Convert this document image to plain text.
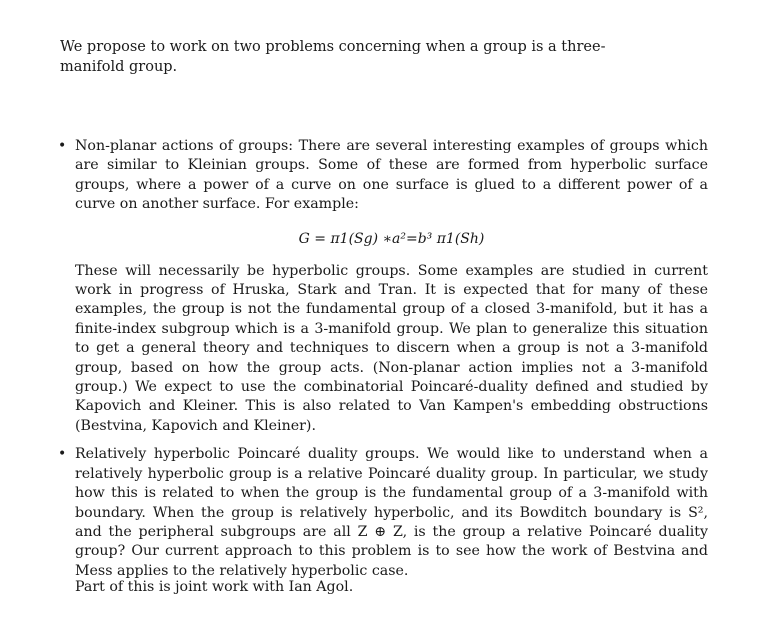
We propose to work on two problems concerning when a group is a three-manifold group.

• Non-planar actions of groups: There are several interesting examples of groups which are similar to Kleinian groups. Some of these are formed from hyperbolic surface groups, where a power of a curve on one surface is glued to a different power of a curve on another surface. For example:

G = π1(Sg) ∗a²=b³ π1(Sh)

These will necessarily be hyperbolic groups. Some examples are studied in current work in progress of Hruska, Stark and Tran. It is expected that for many of these examples, the group is not the fundamental group of a closed 3-manifold, but it has a finite-index subgroup which is a 3-manifold group. We plan to generalize this situation to get a general theory and techniques to discern when a group is not a 3-manifold group, based on how the group acts. (Non-planar action implies not a 3-manifold group.) We expect to use the combinatorial Poincaré-duality defined and studied by Kapovich and Kleiner. This is also related to Van Kampen's embedding obstructions (Bestvina, Kapovich and Kleiner).

• Relatively hyperbolic Poincaré duality groups. We would like to understand when a relatively hyperbolic group is a relative Poincaré duality group. In particular, we study how this is related to when the group is the fundamental group of a 3-manifold with boundary. When the group is relatively hyperbolic, and its Bowditch boundary is S², and the peripheral subgroups are all Z ⊕ Z, is the group a relative Poincaré duality group? Our current approach to this problem is to see how the work of Bestvina and Mess applies to the relatively hyperbolic case.

Part of this is joint work with Ian Agol.
